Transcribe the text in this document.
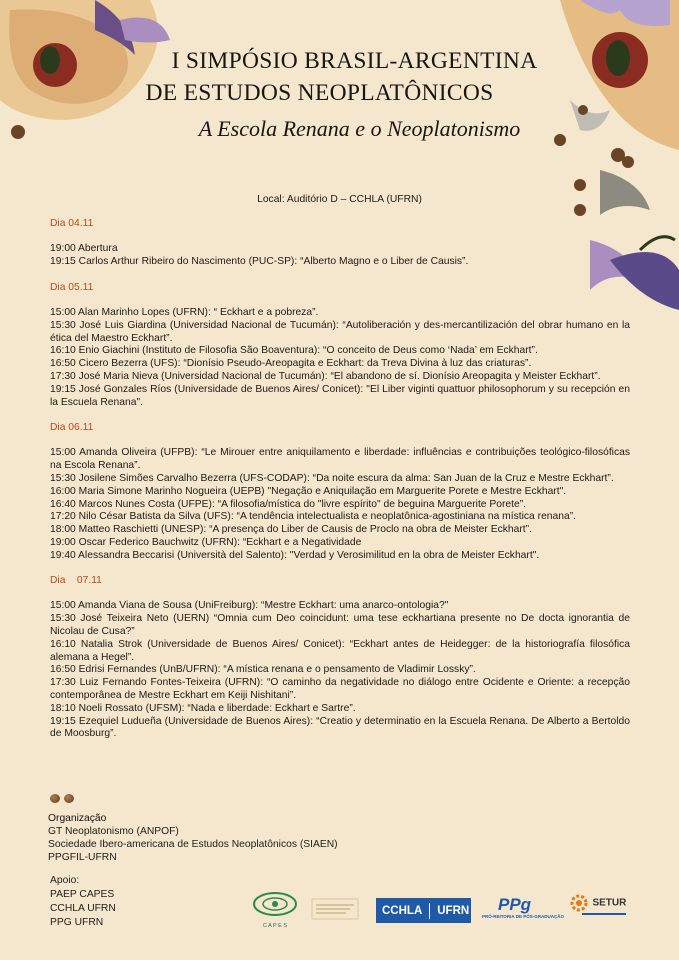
I SIMPÓSIO BRASIL-ARGENTINA
DE ESTUDOS NEOPLATÔNICOS
A Escola Renana e o Neoplatonismo
Local: Auditório D – CCHLA (UFRN)

Dia 04.11

19:00 Abertura

19:15 Carlos Arthur Ribeiro do Nascimento (PUC-SP): “Alberto Magno e o Liber de Causis”.

Dia 05.11

15:00 Alan Marinho Lopes (UFRN): “ Eckhart e a pobreza”.

15:30 José Luis Giardina (Universidad Nacional de Tucumán): “Autoliberación y des-mercantilización del obrar humano en la ética del Maestro Eckhart”.

16:10 Enio Giachini (Instituto de Filosofia São Boaventura): “O conceito de Deus como ‘Nada’ em Eckhart”.

16:50 Cicero Bezerra (UFS): “Dionísio Pseudo-Areopagita e Eckhart: da Treva Divina à luz das criaturas”.

17:30 José Maria Nieva (Universidad Nacional de Tucumán): “El abandono de sí. Dionísio Areopagita y Meister Eckhart”.

19:15 José Gonzales Ríos (Universidade de Buenos Aires/ Conicet): "El Liber viginti quattuor philosophorum y su recepción en la Escuela Renana".

Dia 06.11

15:00 Amanda Oliveira (UFPB): “Le Mirouer entre aniquilamento e liberdade: influências e contribuições teológico-filosóficas na Escola Renana”.

15:30 Josilene Simões Carvalho Bezerra (UFS-CODAP): “Da noite escura da alma: San Juan de la Cruz e Mestre Eckhart”.

16:00 Maria Simone Marinho Nogueira (UEPB) "Negação e Aniquilação em Marguerite Porete e Mestre Eckhart".

16:40 Marcos Nunes Costa (UFPE): “A filosofia/mística do "livre espírito" de beguina Marguerite Porete”.

17:20 Nilo César Batista da Silva (UFS): “A tendência intelectualista e neoplatônica-agostiniana na mística renana”.

18:00 Matteo Raschietti (UNESP): “A presença do Liber de Causis de Proclo na obra de Meister Eckhart”.

19:00 Oscar Federico Bauchwitz (UFRN): “Eckhart e a Negatividade

19:40 Alessandra Beccarisi (Università del Salento): "Verdad y Verosimilitud en la obra de Meister Eckhart".

Dia    07.11

15:00 Amanda Viana de Sousa (UniFreiburg): “Mestre Eckhart: uma anarco-ontologia?"

15:30 José Teixeira Neto (UERN) “Omnia cum Deo coincidunt: uma tese eckhartiana presente no De docta ignorantia de Nicolau de Cusa?”

16:10 Natalia Strok (Universidade de Buenos Aires/ Conicet): “Eckhart antes de Heidegger: de la historiografía filosófica alemana a Hegel”.

16:50 Edrisi Fernandes (UnB/UFRN): “A mística renana e o pensamento de Vladimir Lossky”.

17:30 Luiz Fernando Fontes-Teixeira (UFRN): “O caminho da negatividade no diálogo entre Ocidente e Oriente: a recepção contemporânea de Mestre Eckhart em Keiji Nishitani”.

18:10 Noeli Rossato (UFSM): “Nada e liberdade: Eckhart e Sartre”.

19:15 Ezequiel Ludueña (Universidade de Buenos Aires): “Creatio y determinatio en la Escuela Renana. De Alberto a Bertoldo de Moosburg”.

Organização
GT Neoplatonismo (ANPOF)
Sociedade Ibero-americana de Estudos Neoplatônicos (SIAEN)
PPGFIL-UFRN
Apoio:
PAEP CAPES
CCHLA UFRN
PPG UFRN	C A P E S
CCHLA UFRN PPg
PRÓ-REITORIA DE PÓS-GRADUAÇÃO
SETUR
